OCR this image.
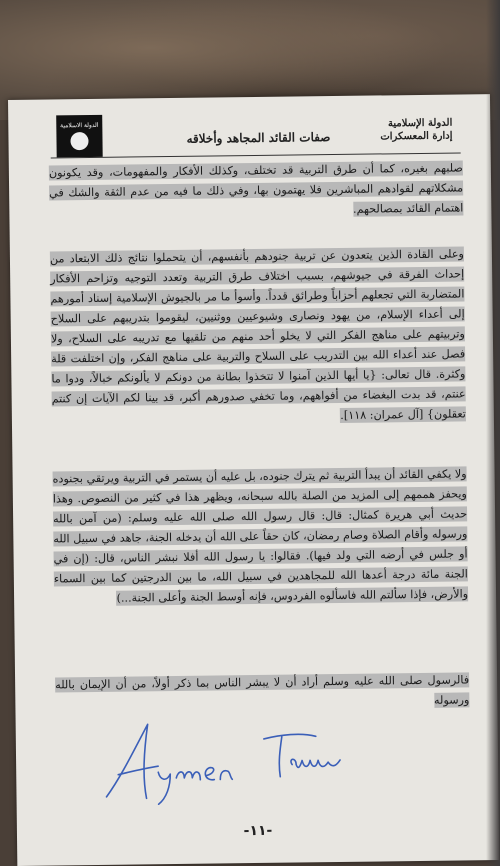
الدولة الاسلامية
صفات القائد المجاهد وأخلاقه
الدولة الإسلامية
إدارة المعسكرات
صلبهم بغيره، كما أن طرق التربية قد تختلف، وكذلك الأفكار والمفهومات، وقد يكونون مشكلاتهم لقوادهم المباشرين فلا يهتمون بها، وفي ذلك ما فيه من عدم الثقة والشك في اهتمام القائد بمصالحهم.
وعلى القادة الذين يتعدون عن تربية جنودهم بأنفسهم، أن يتحملوا نتائج ذلك الابتعاد من إحداث الفرقة في جيوشهم، بسبب اختلاف طرق التربية وتعدد التوجيه وتزاحم الأفكار المتضاربة التي تجعلهم أحزاباً وطرائق قدداً. وأسوأ ما مر بالجيوش الإسلامية إسناد أمورهم إلى أعداء الإسلام، من يهود ونصارى وشيوعيين ووثنيين، ليقوموا بتدريبهم على السلاح وتربيتهم على مناهج الفكر التي لا يخلو أحد منهم من تلقيها مع تدريبه على السلاح، ولا فصل عند أعداء الله بين التدريب على السلاح والتربية على مناهج الفكر، وإن اختلفت قلة وكثرة. قال تعالى: {يا أيها الذين آمنوا لا تتخذوا بطانة من دونكم لا يألونكم خبالاً، ودوا ما عنتم، قد بدت البغضاء من أفواههم، وما تخفي صدورهم أكبر، قد بينا لكم الآيات إن كنتم تعقلون} [آل عمران: ١١٨].
ولا يكفي القائد أن يبدأ التربية ثم يترك جنوده، بل عليه أن يستمر في التربية ويرتقي بجنوده ويحفز هممهم إلى المزيد من الصلة بالله سبحانه، ويظهر هذا في كثير من النصوص. وهذا حديث أبي هريرة كمثال: قال: قال رسول الله صلى الله عليه وسلم: (من آمن بالله ورسوله وأقام الصلاة وصام رمضان، كان حقاً على الله أن يدخله الجنة، جاهد في سبيل الله أو جلس في أرضه التي ولد فيها). فقالوا: يا رسول الله أفلا نبشر الناس، قال: (إن في الجنة مائة درجة أعدها الله للمجاهدين في سبيل الله، ما بين الدرجتين كما بين السماء والأرض، فإذا سألتم الله فاسألوه الفردوس، فإنه أوسط الجنة وأعلى الجنة...)
فالرسول صلى الله عليه وسلم أراد أن لا يبشر الناس بما ذكر أولاً، من أن الإيمان بالله ورسوله
-١١-
